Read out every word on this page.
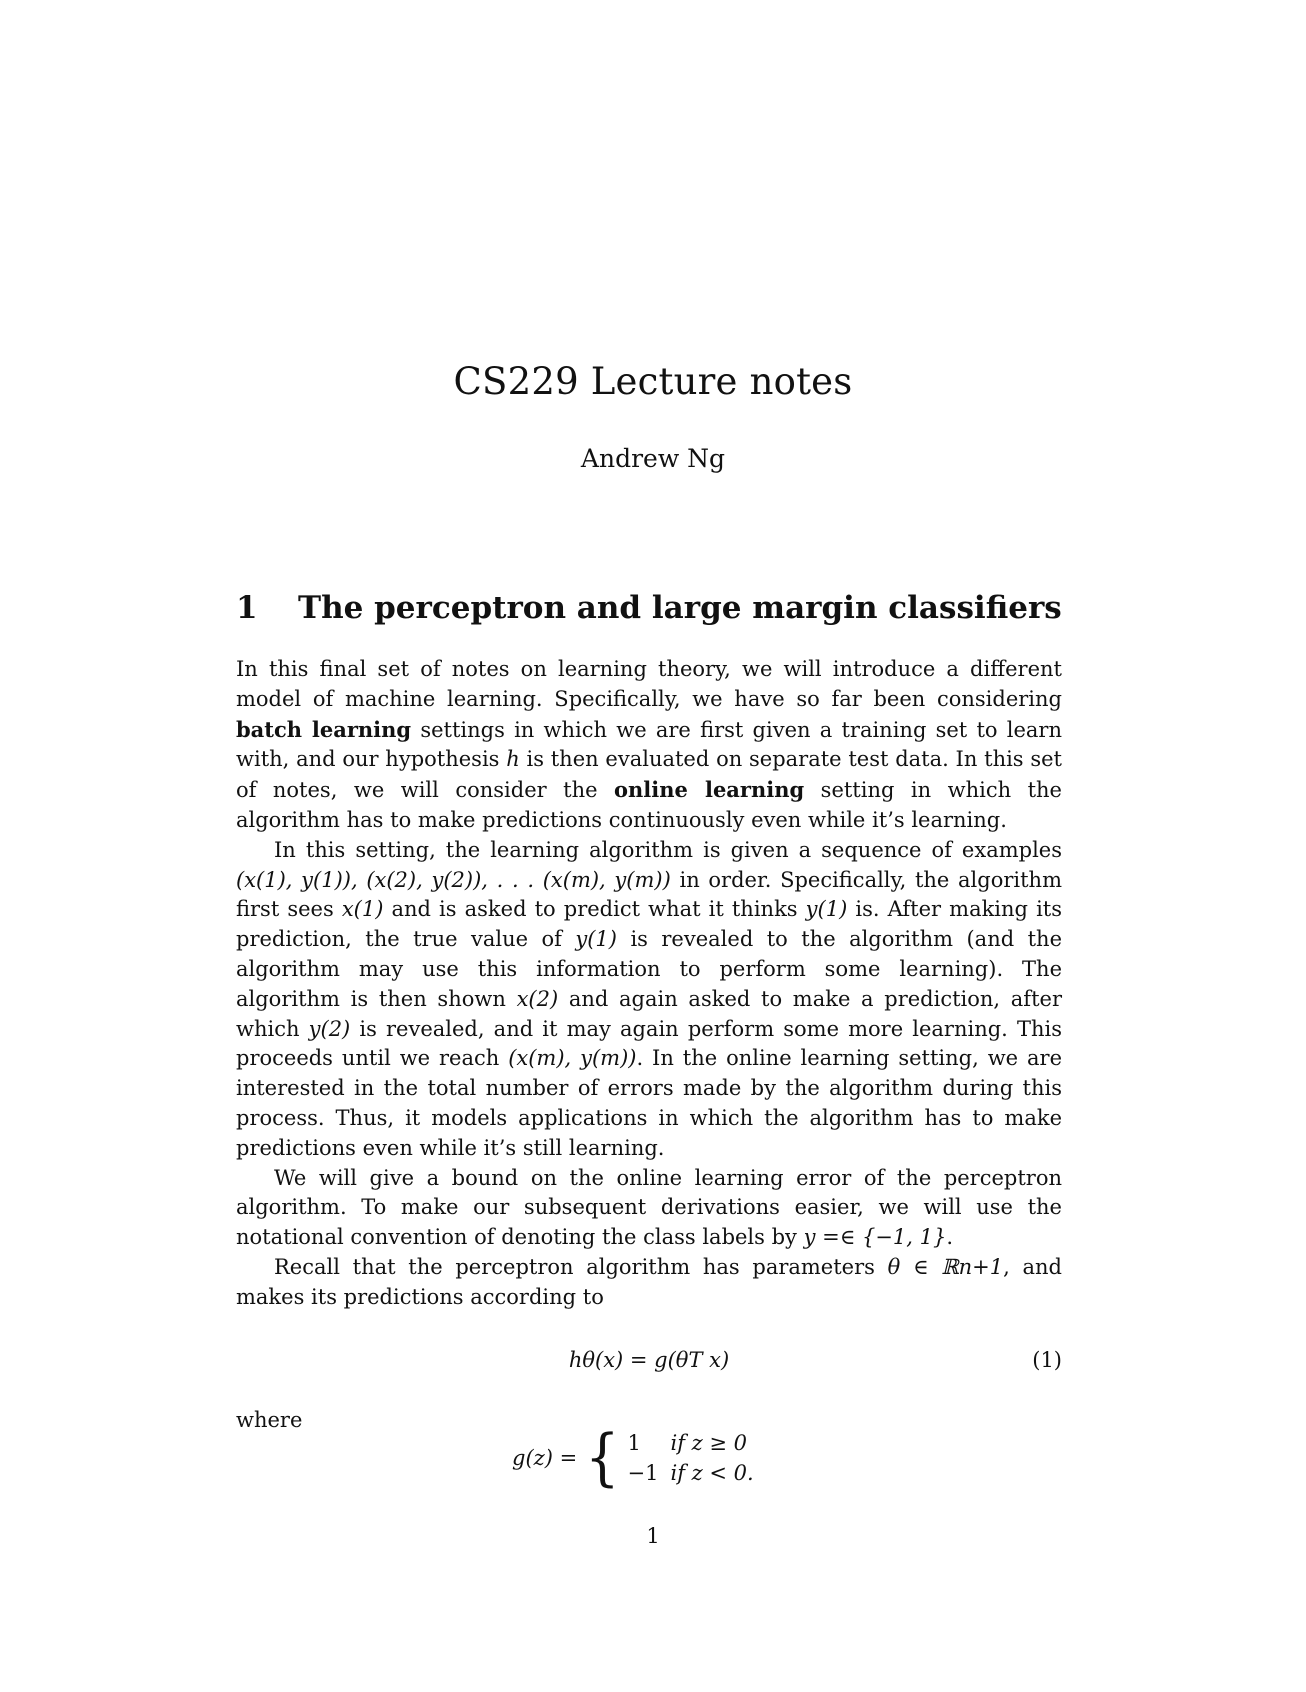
CS229 Lecture notes
Andrew Ng
1 The perceptron and large margin classifiers

In this final set of notes on learning theory, we will introduce a different model of machine learning. Specifically, we have so far been considering batch learning settings in which we are first given a training set to learn with, and our hypothesis h is then evaluated on separate test data. In this set of notes, we will consider the online learning setting in which the algorithm has to make predictions continuously even while it’s learning.

In this setting, the learning algorithm is given a sequence of examples (x(1), y(1)), (x(2), y(2)), . . . (x(m), y(m)) in order. Specifically, the algorithm first sees x(1) and is asked to predict what it thinks y(1) is. After making its prediction, the true value of y(1) is revealed to the algorithm (and the algorithm may use this information to perform some learning). The algorithm is then shown x(2) and again asked to make a prediction, after which y(2) is revealed, and it may again perform some more learning. This proceeds until we reach (x(m), y(m)). In the online learning setting, we are interested in the total number of errors made by the algorithm during this process. Thus, it models applications in which the algorithm has to make predictions even while it’s still learning.

We will give a bound on the online learning error of the perceptron algorithm. To make our subsequent derivations easier, we will use the notational convention of denoting the class labels by y =∈ {−1, 1}.

Recall that the perceptron algorithm has parameters θ ∈ ℝn+1, and makes its predictions according to

hθ(x) = g(θT x)	(1)
where
g(z) = { 1	if z ≥ 0
−1	if z < 0.
1
